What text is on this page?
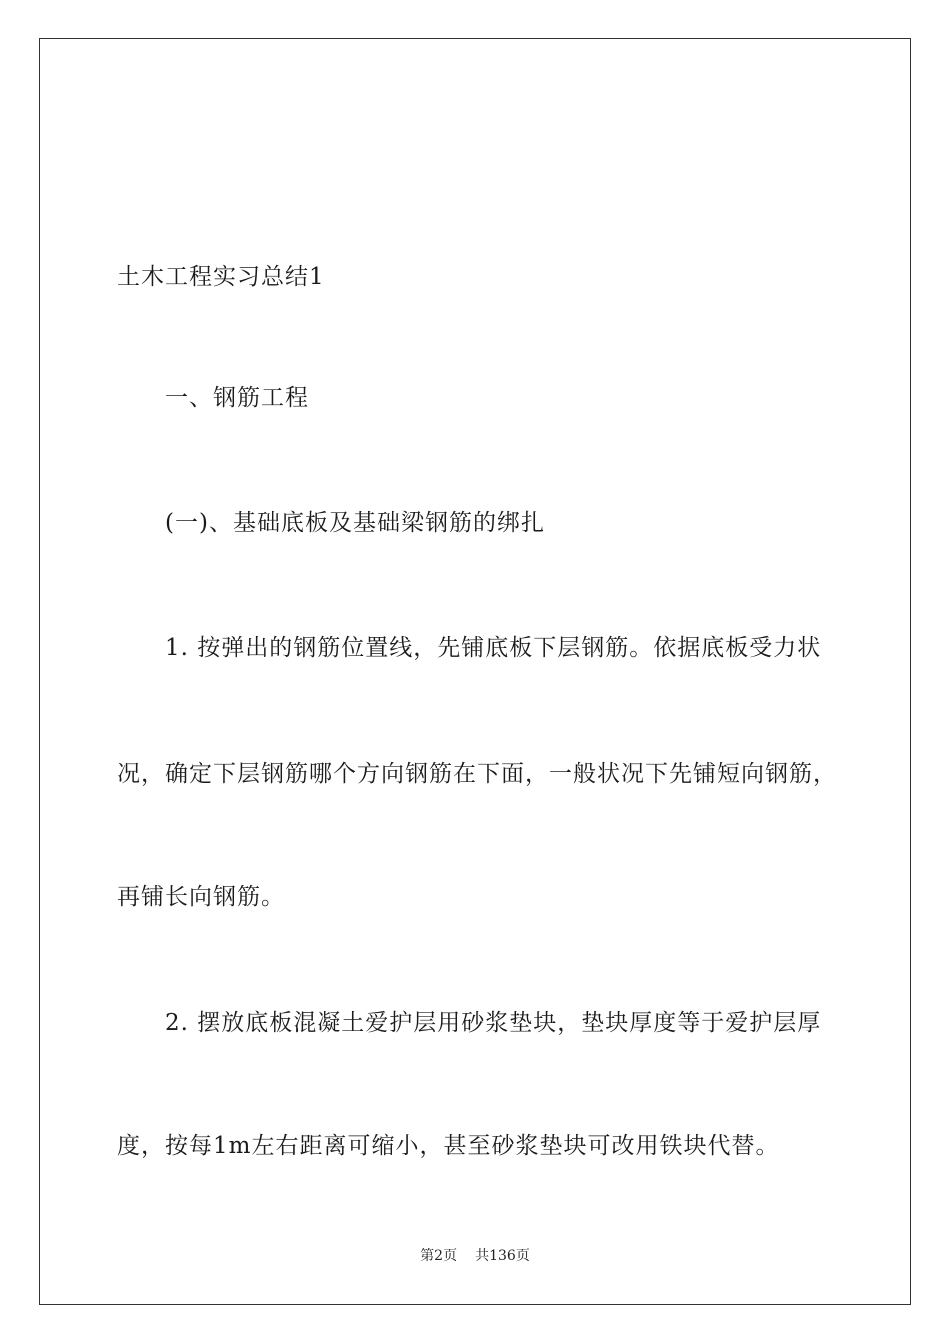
土木工程实习总结1
一、钢筋工程
(一)、基础底板及基础梁钢筋的绑扎
1. 按弹出的钢筋位置线，先铺底板下层钢筋。依据底板受力状
况，确定下层钢筋哪个方向钢筋在下面，一般状况下先铺短向钢筋，
再铺长向钢筋。
2. 摆放底板混凝土爱护层用砂浆垫块，垫块厚度等于爱护层厚
度，按每1m左右距离可缩小，甚至砂浆垫块可改用铁块代替。
第2页 共136页
